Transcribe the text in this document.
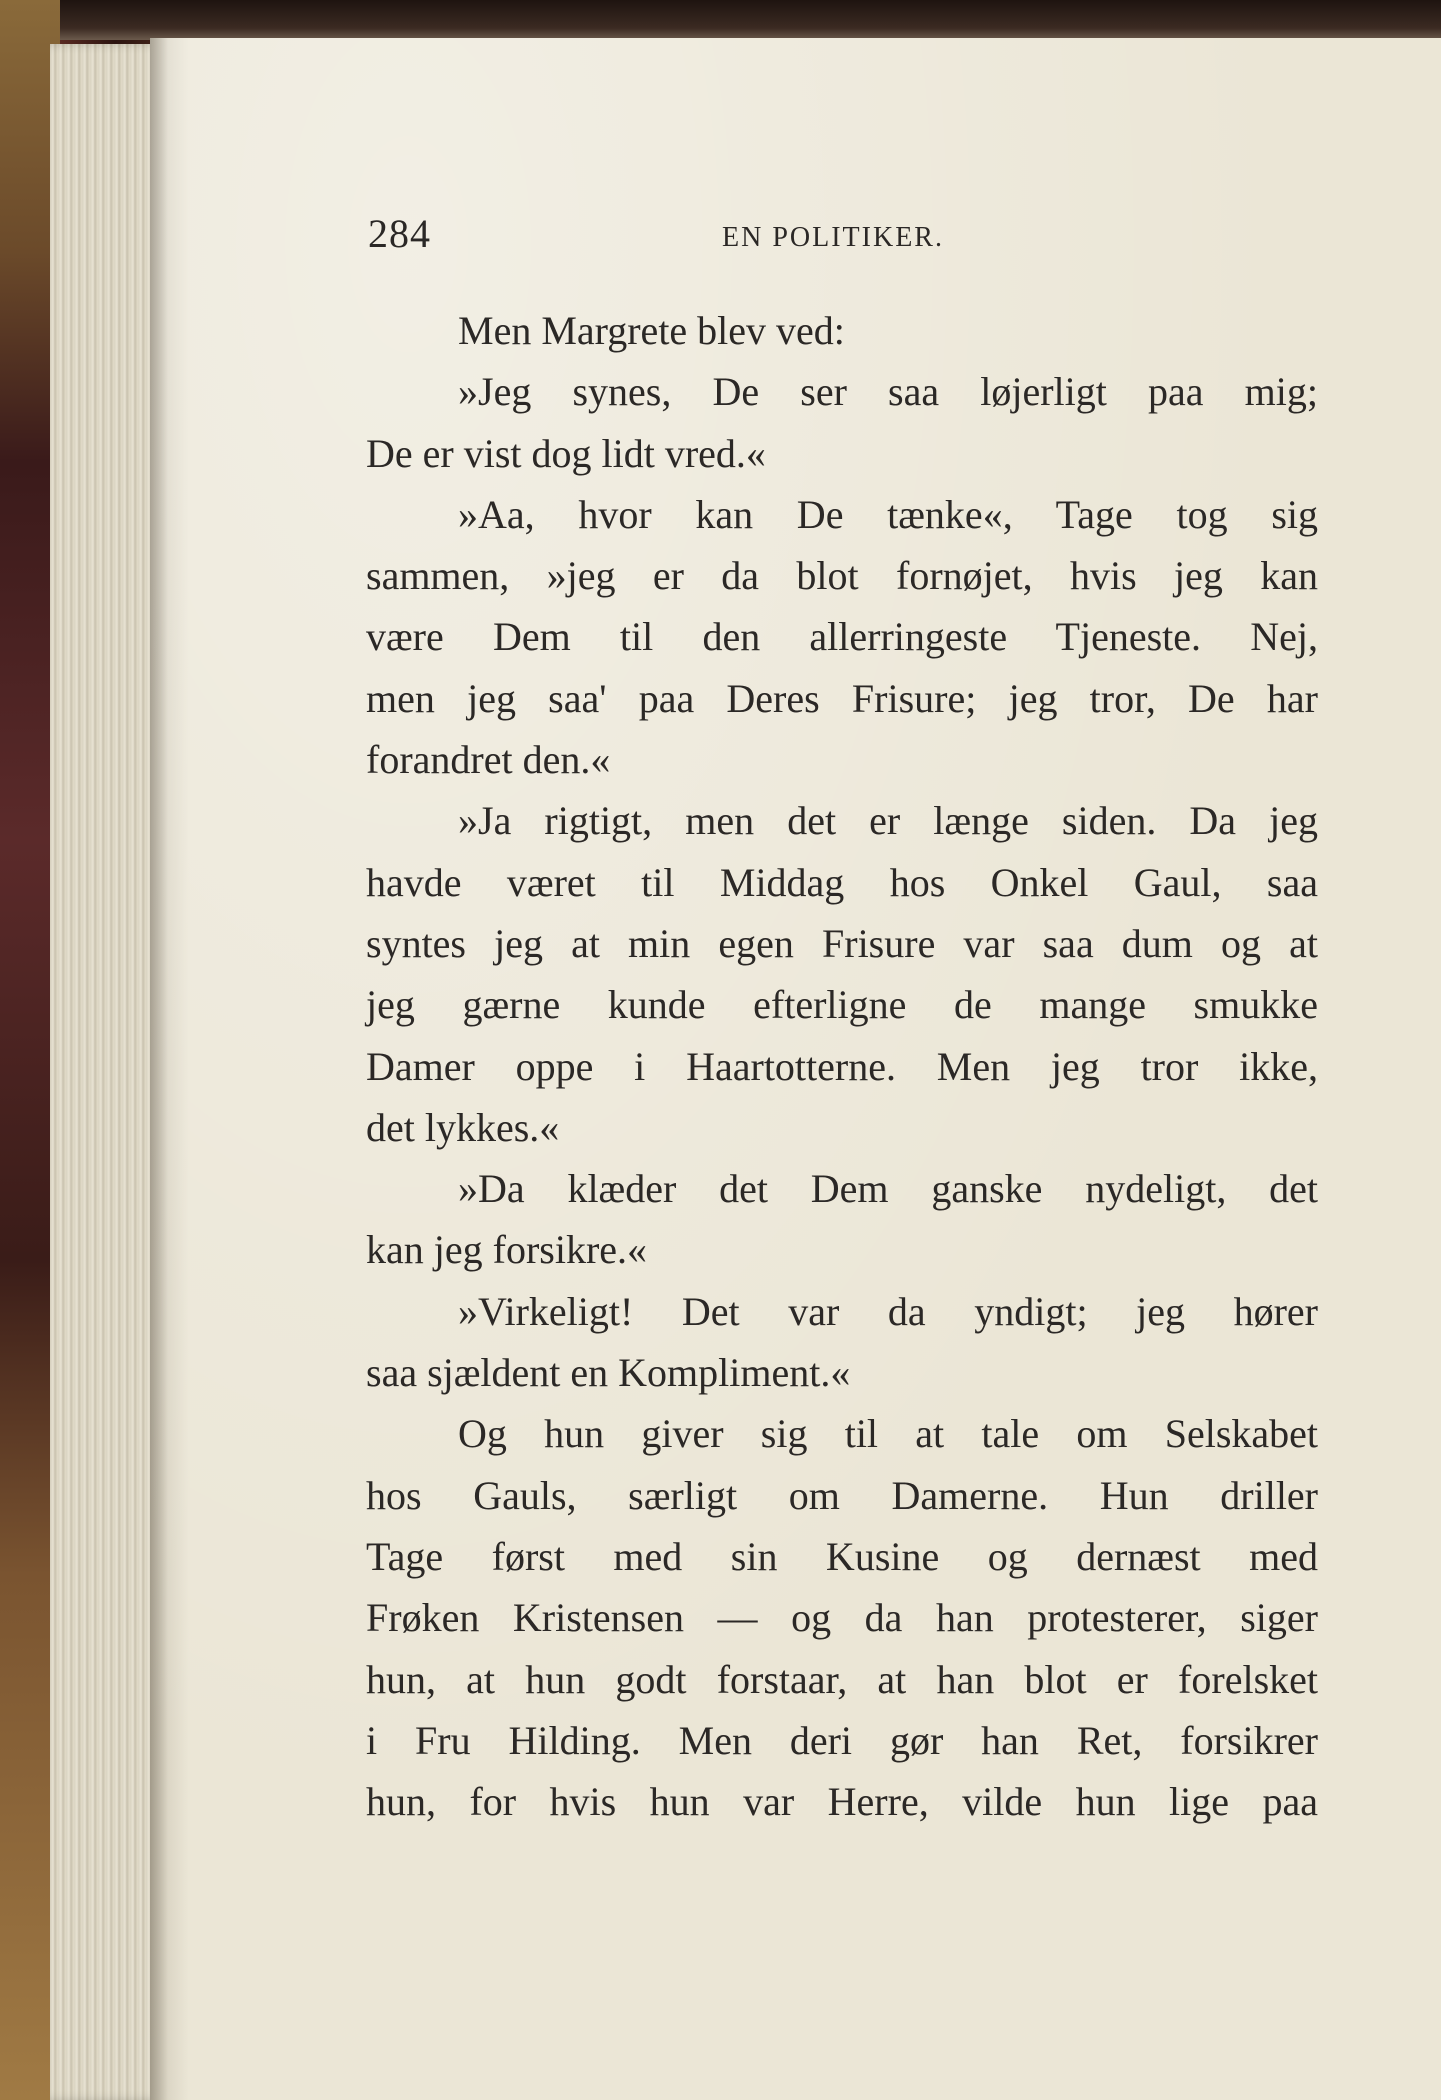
284	EN POLITIKER.
Men Margrete blev ved:
»Jeg synes, De ser saa løjerligt paa mig;
De er vist dog lidt vred.«
»Aa, hvor kan De tænke«, Tage tog sig
sammen, »jeg er da blot fornøjet, hvis jeg kan
være Dem til den allerringeste Tjeneste. Nej,
men jeg saa' paa Deres Frisure; jeg tror, De har
forandret den.«
»Ja rigtigt, men det er længe siden. Da jeg
havde været til Middag hos Onkel Gaul, saa
syntes jeg at min egen Frisure var saa dum og at
jeg gærne kunde efterligne de mange smukke
Damer oppe i Haartotterne. Men jeg tror ikke,
det lykkes.«
»Da klæder det Dem ganske nydeligt, det
kan jeg forsikre.«
»Virkeligt! Det var da yndigt; jeg hører
saa sjældent en Kompliment.«
Og hun giver sig til at tale om Selskabet
hos Gauls, særligt om Damerne. Hun driller
Tage først med sin Kusine og dernæst med
Frøken Kristensen — og da han protesterer, siger
hun, at hun godt forstaar, at han blot er forelsket
i Fru Hilding. Men deri gør han Ret, forsikrer
hun, for hvis hun var Herre, vilde hun lige paa
